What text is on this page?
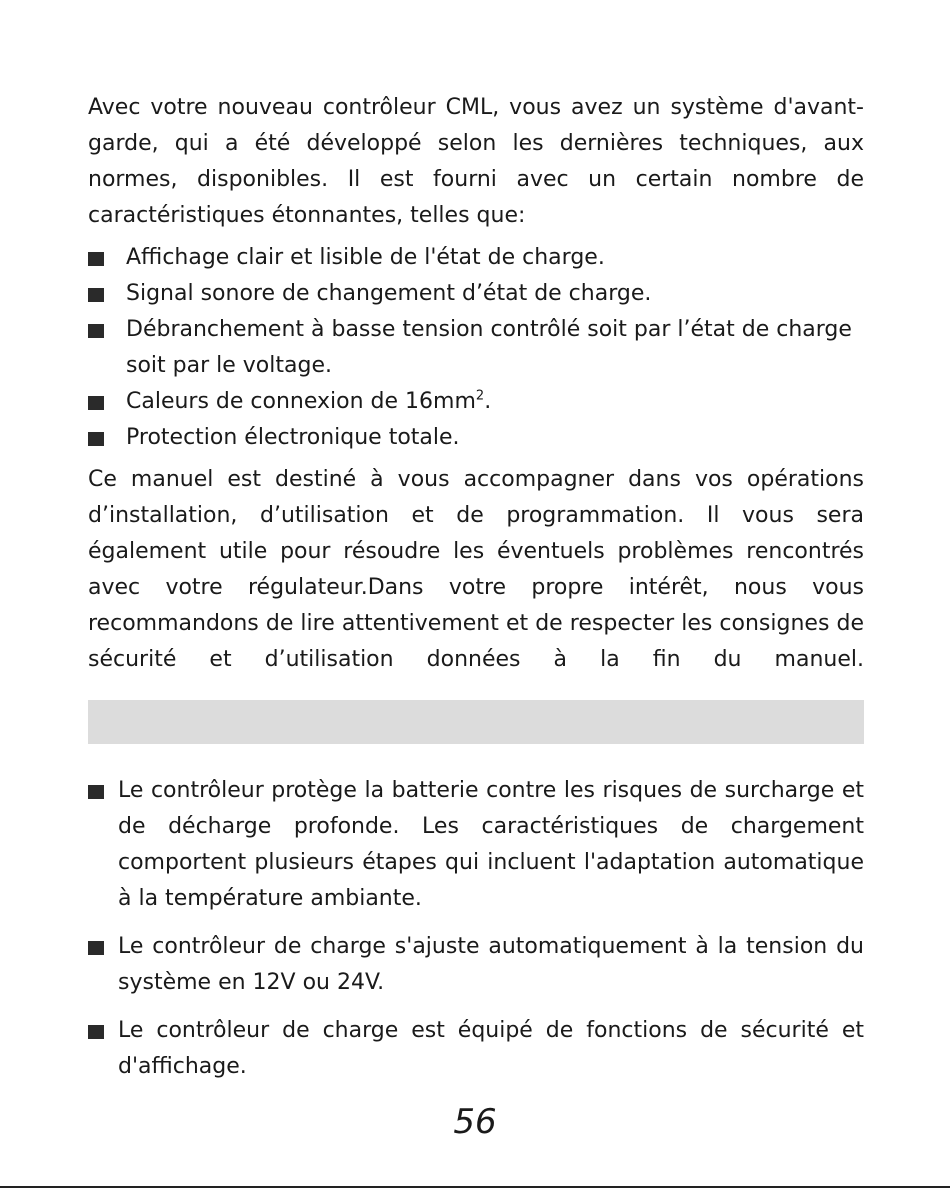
Avec votre nouveau contrôleur CML, vous avez un système d'avant-garde, qui a été développé selon les dernières techniques, aux normes, disponibles. Il est fourni avec un certain nombre de caractéristiques étonnantes, telles que:

Affichage clair et lisible de l'état de charge.
Signal sonore de changement d’état de charge.
Débranchement à basse tension contrôlé soit par l’état de charge soit par le voltage.
Caleurs de connexion de $16mm^2$.
Protection électronique totale.

Ce manuel est destiné à vous accompagner dans vos opérations d’installation, d’utilisation et de programmation. Il vous sera également utile pour résoudre les éventuels problèmes rencontrés avec votre régulateur.Dans votre propre intérêt, nous vous recommandons de lire attentivement et de respecter les consignes de sécurité et d’utilisation données à la fin du manuel.

Le contrôleur protège la batterie contre les risques de surcharge et de décharge profonde. Les caractéristiques de chargement comportent plusieurs étapes qui incluent l'adaptation automatique à la température ambiante.
Le contrôleur de charge s'ajuste automatiquement à la tension du système en 12V ou 24V.
Le contrôleur de charge est équipé de fonctions de sécurité et d'affichage.
56
